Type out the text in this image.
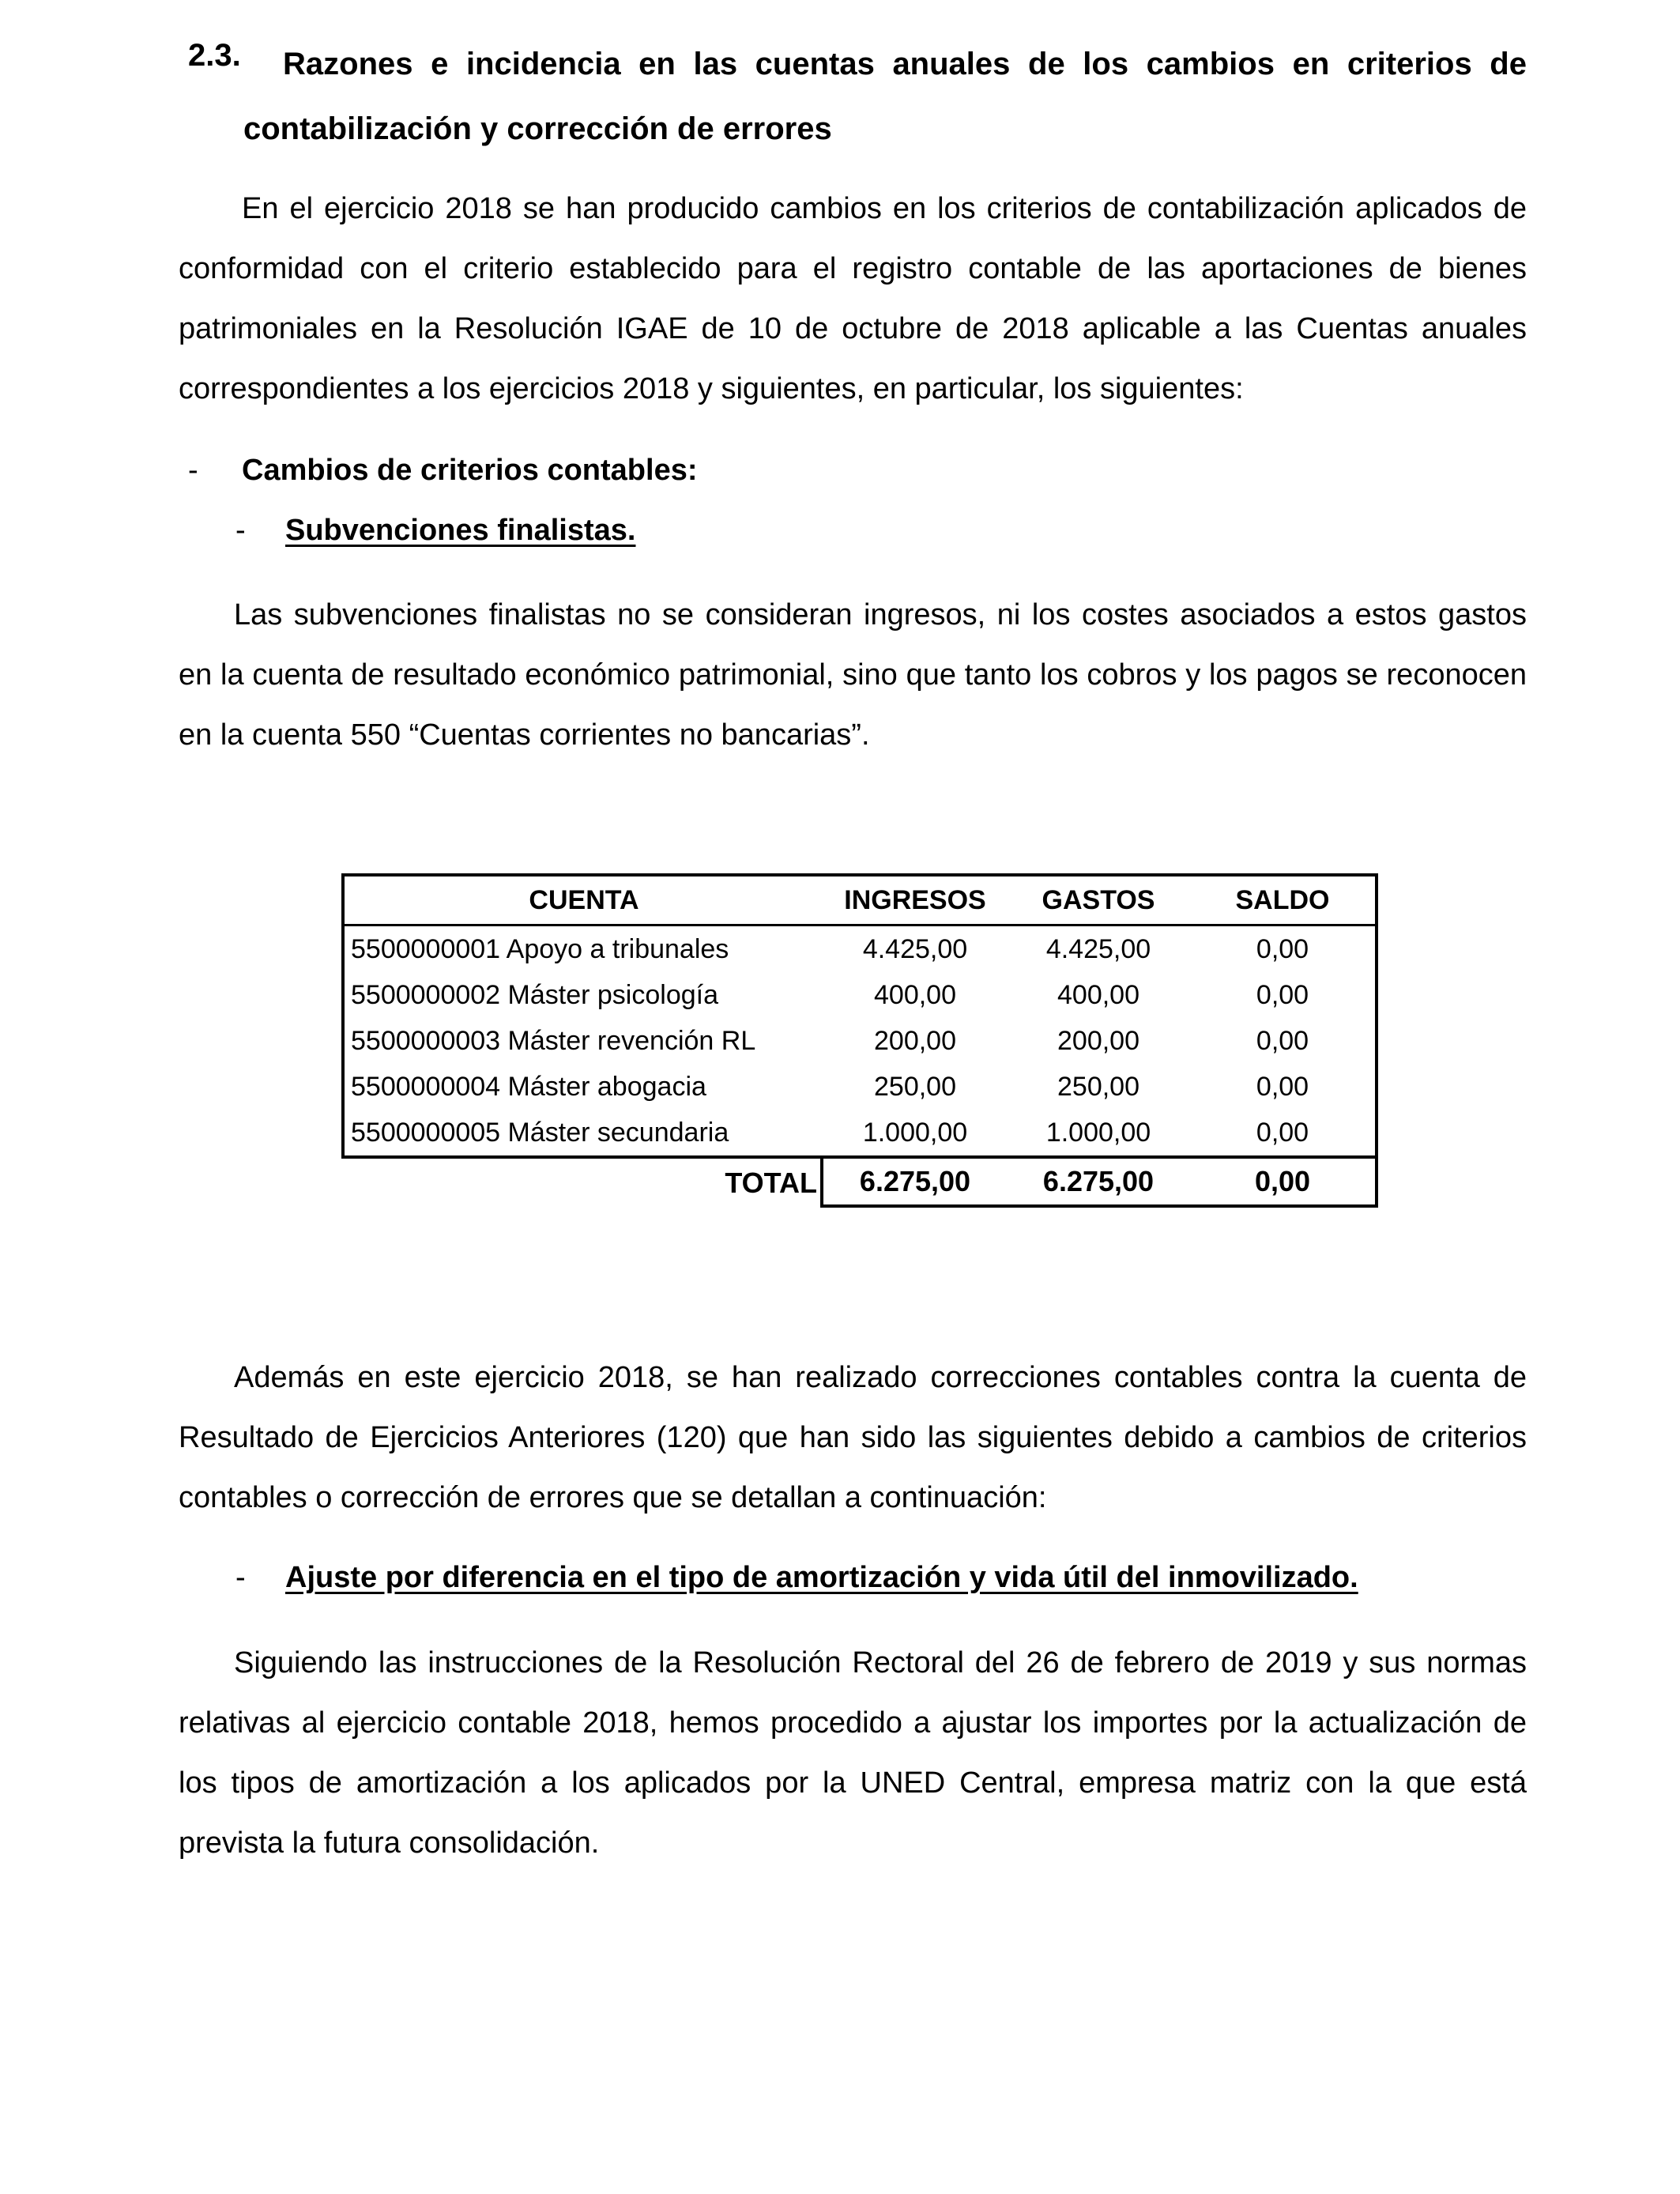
2.3. Razones e incidencia en las cuentas anuales de los cambios en criterios de
contabilización y corrección de errores
En el ejercicio 2018 se han producido cambios en los criterios de contabilización aplicados de conformidad con el criterio establecido para el registro contable de las aportaciones de bienes patrimoniales en la Resolución IGAE de 10 de octubre de 2018 aplicable a las Cuentas anuales correspondientes a los ejercicios 2018 y siguientes, en particular, los siguientes:
- Cambios de criterios contables:
- Subvenciones finalistas.
Las subvenciones finalistas no se consideran ingresos, ni los costes asociados a estos gastos en la cuenta de resultado económico patrimonial, sino que tanto los cobros y los pagos se reconocen en la cuenta 550 “Cuentas corrientes no bancarias”.
CUENTA	INGRESOS	GASTOS	SALDO
5500000001 Apoyo a tribunales	4.425,00	4.425,00	0,00
5500000002 Máster psicología	400,00	400,00	0,00
5500000003 Máster revención RL	200,00	200,00	0,00
5500000004 Máster abogacia	250,00	250,00	0,00
5500000005 Máster secundaria	1.000,00	1.000,00	0,00
TOTAL	6.275,00	6.275,00	0,00
Además en este ejercicio 2018, se han realizado correcciones contables contra la cuenta de Resultado de Ejercicios Anteriores (120) que han sido las siguientes debido a cambios de criterios contables o corrección de errores que se detallan a continuación:
- Ajuste por diferencia en el tipo de amortización y vida útil del inmovilizado.
Siguiendo las instrucciones de la Resolución Rectoral del 26 de febrero de 2019 y sus normas relativas al ejercicio contable 2018, hemos procedido a ajustar los importes por la actualización de los tipos de amortización a los aplicados por la UNED Central, empresa matriz con la que está prevista la futura consolidación.
